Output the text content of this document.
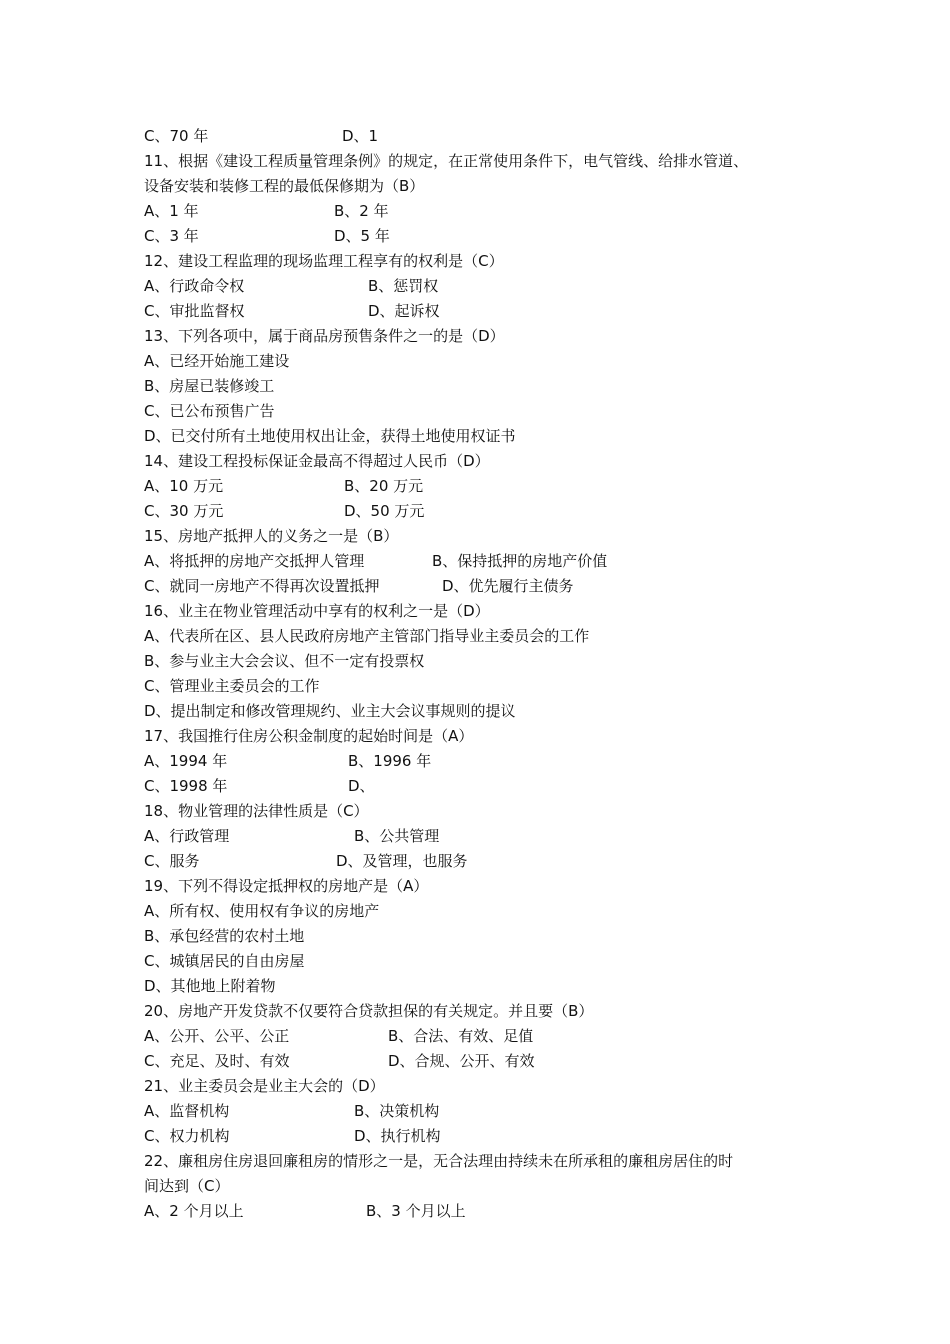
C、70 年	D、1
11、根据《建设工程质量管理条例》的规定，在正常使用条件下，电气管线、给排水管道、
设备安装和装修工程的最低保修期为（B）
A、1 年	B、2 年
C、3 年	D、5 年
12、建设工程监理的现场监理工程享有的权利是（C）
A、行政命令权	B、惩罚权
C、审批监督权	D、起诉权
13、下列各项中，属于商品房预售条件之一的是（D）
A、已经开始施工建设
B、房屋已装修竣工
C、已公布预售广告
D、已交付所有土地使用权出让金，获得土地使用权证书
14、建设工程投标保证金最高不得超过人民币（D）
A、10 万元	B、20 万元
C、30 万元	D、50 万元
15、房地产抵押人的义务之一是（B）
A、将抵押的房地产交抵押人管理	B、保持抵押的房地产价值
C、就同一房地产不得再次设置抵押	D、优先履行主债务
16、业主在物业管理活动中享有的权利之一是（D）
A、代表所在区、县人民政府房地产主管部门指导业主委员会的工作
B、参与业主大会会议、但不一定有投票权
C、管理业主委员会的工作
D、提出制定和修改管理规约、业主大会议事规则的提议
17、我国推行住房公积金制度的起始时间是（A）
A、1994 年	B、1996 年
C、1998 年	D、
18、物业管理的法律性质是（C）
A、行政管理	B、公共管理
C、服务	D、及管理，也服务
19、下列不得设定抵押权的房地产是（A）
A、所有权、使用权有争议的房地产
B、承包经营的农村土地
C、城镇居民的自由房屋
D、其他地上附着物
20、房地产开发贷款不仅要符合贷款担保的有关规定。并且要（B）
A、公开、公平、公正	B、合法、有效、足值
C、充足、及时、有效	D、合规、公开、有效
21、业主委员会是业主大会的（D）
A、监督机构	B、决策机构
C、权力机构	D、执行机构
22、廉租房住房退回廉租房的情形之一是，无合法理由持续未在所承租的廉租房居住的时
间达到（C）
A、2 个月以上	B、3 个月以上
